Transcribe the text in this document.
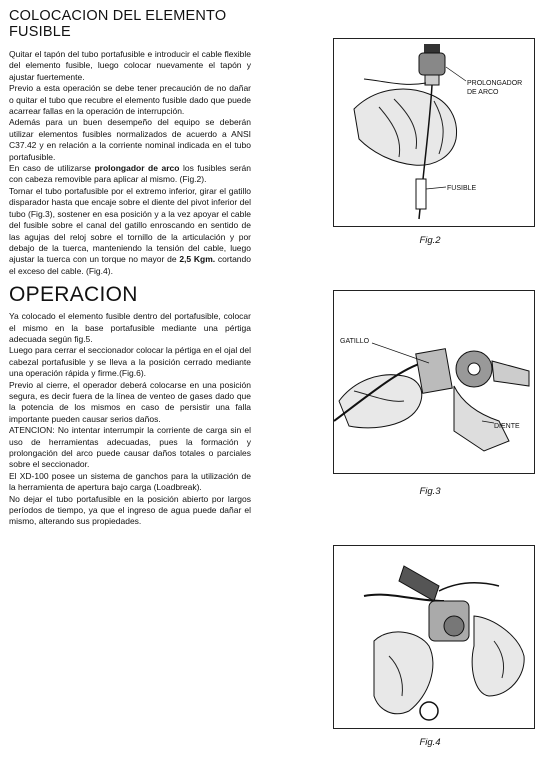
COLOCACION DEL ELEMENTO FUSIBLE

Quitar el tapón del tubo portafusible e introducir el cable flexible del elemento fusible, luego colocar nuevamente el tapón y ajustar fuertemente.

Previo a esta operación se debe tener precaución de no dañar o quitar el tubo que recubre el elemento fusible dado que puede acarrear fallas en la operación de interrupción.

Además para un buen desempeño del equipo se deberán utilizar elementos fusibles normalizados de acuerdo a ANSI C37.42 y en relación a la corriente nominal indicada en el tubo portafusible.

En caso de utilizarse prolongador de arco los fusibles serán con cabeza removible para aplicar al mismo. (Fig.2).

Tornar el tubo portafusible por el extremo inferior, girar el gatillo disparador hasta que encaje sobre el diente del pivot inferior del tubo (Fig.3), sostener en esa posición y a la vez apoyar el cable del fusible sobre el canal del gatillo enroscando en sentido de las agujas del reloj sobre el tornillo de la articulación y por debajo de la tuerca, manteniendo la tensión del cable, luego ajustar la tuerca con un torque no mayor de 2,5 Kgm. cortando el exceso del cable. (Fig.4).

OPERACION

Ya colocado el elemento fusible dentro del portafusible, colocar el mismo en la base portafusible mediante una pértiga adecuada según fig.5.

Luego para cerrar el seccionador colocar la pértiga en el ojal del cabezal portafusible y se lleva a la posición cerrado mediante una operación rápida y firme.(Fig.6).

Previo al cierre, el operador deberá colocarse en una posición segura, es decir fuera de la línea de venteo de gases dado que la potencia de los mismos en caso de persistir una falla importante pueden causar serios daños.

ATENCION: No intentar interrumpir la corriente de carga sin el uso de herramientas adecuadas, pues la formación y prolongación del arco puede causar daños totales o parciales sobre el seccionador.

El XD-100 posee un sistema de ganchos para la utilización de la herramienta de apertura bajo carga (Loadbreak).

No dejar el tubo portafusible en la posición abierto por largos períodos de tiempo, ya que el ingreso de agua puede dañar el mismo, alterando sus propiedades.

PROLONGADOR
DE ARCO
FUSIBLE
Fig.2
GATILLO
DIENTE
Fig.3
Fig.4
